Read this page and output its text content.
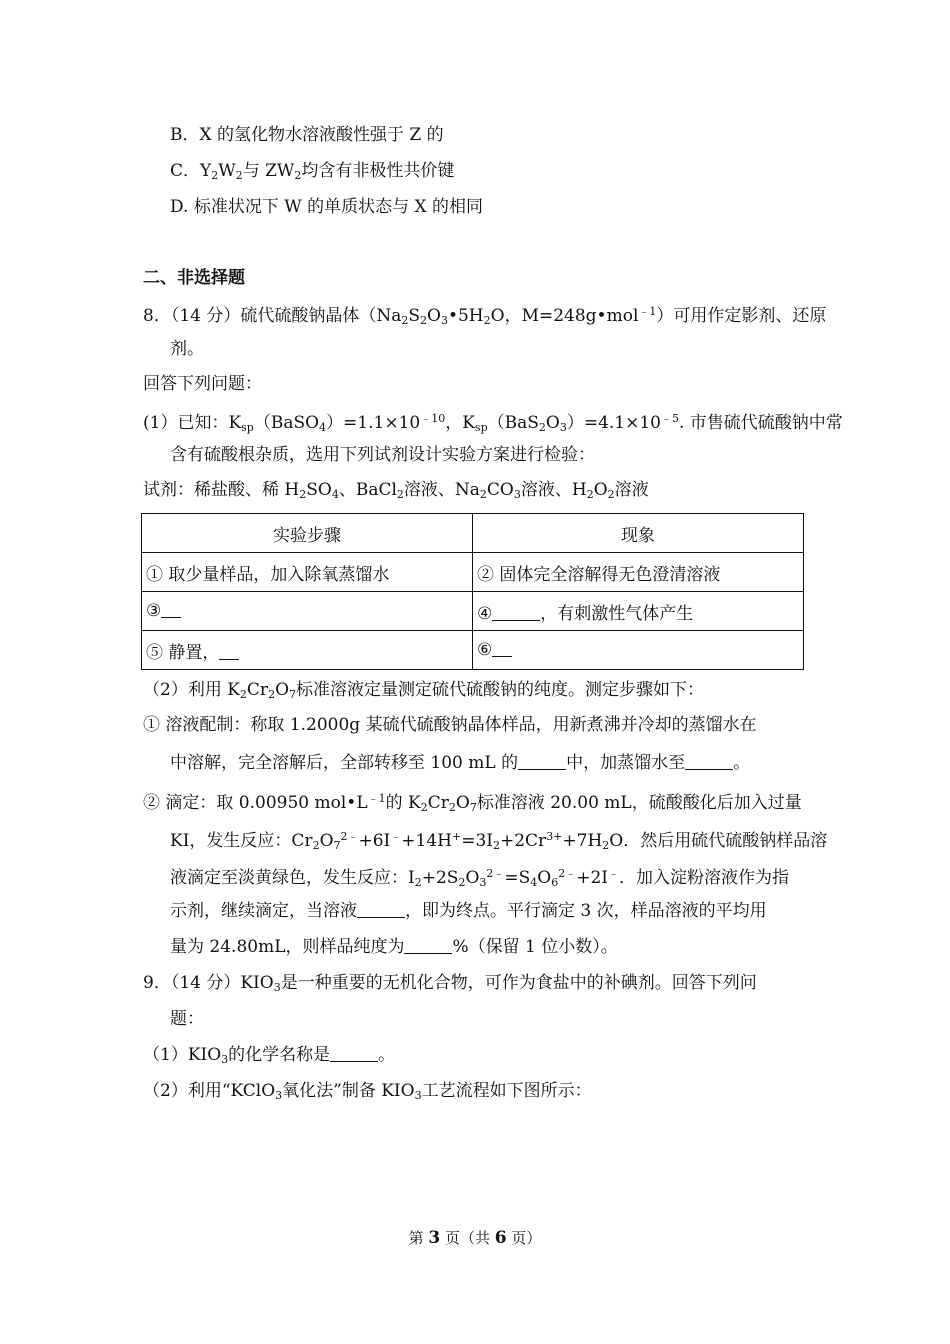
B．X 的氢化物水溶液酸性强于 Z 的
C．$Y_2W_2$与 $ZW_2$均含有非极性共价键
D. 标准状况下 W 的单质状态与 X 的相同
二、非选择题
8．（14 分）硫代硫酸钠晶体（$Na_2S_2O_3•5H_2O$，M=248g•mol$^{﹣1}$）可用作定影剂、还原
剂。
回答下列问题：
(1）已知：$K_{sp}(BaSO_4)=1.1\times 10^{﹣10}$，$K_{sp}(BaS_2O_3)=4.1\times 10^{﹣5}$. 市售硫代硫酸钠中常
含有硫酸根杂质，选用下列试剂设计实验方案进行检验：
试剂：稀盐酸、稀 $H_2SO_4$、BaCl$_2$溶液、$Na_2CO_3$溶液、$H_2O_2$溶液
实验步骤	现象
① 取少量样品，加入除氧蒸馏水	② 固体完全溶解得无色澄清溶液
③	④ ，有刺激性气体产生
⑤ 静置，	⑥
（2）利用 $K_2Cr_2O_7$标准溶液定量测定硫代硫酸钠的纯度。测定步骤如下：
① 溶液配制：称取 1.2000g 某硫代硫酸钠晶体样品，用新煮沸并冷却的蒸馏水在
中溶解，完全溶解后，全部转移至 100 mL 的	中，加蒸馏水至	。
② 滴定：取 0.00950 $mol•L^{﹣1}$的 $K_2Cr_2O_7$标准溶液 20.00 mL，硫酸酸化后加入过量
KI，发生反应：$Cr_2O_7^{2﹣}+6I^﹣+14H^+=3I_2+2Cr^{3+}+7H_2O$．然后用硫代硫酸钠样品溶
液滴定至淡黄绿色，发生反应：$I_2+2S_2O_3^{2﹣}=S_4O_6^{2﹣}+2I^﹣$．加入淀粉溶液作为指
示剂，继续滴定，当溶液	，即为终点。平行滴定 3 次，样品溶液的平均用
量为 24.80mL，则样品纯度为	%（保留 1 位小数）。
9．（14 分）$KIO_3$是一种重要的无机化合物，可作为食盐中的补碘剂。回答下列问
题：
$(1)KIO_3$的化学名称是	。
（2）利用“KClO$_3$氧化法”制备 $KIO_3$工艺流程如下图所示：
第 3 页（共 6 页）
